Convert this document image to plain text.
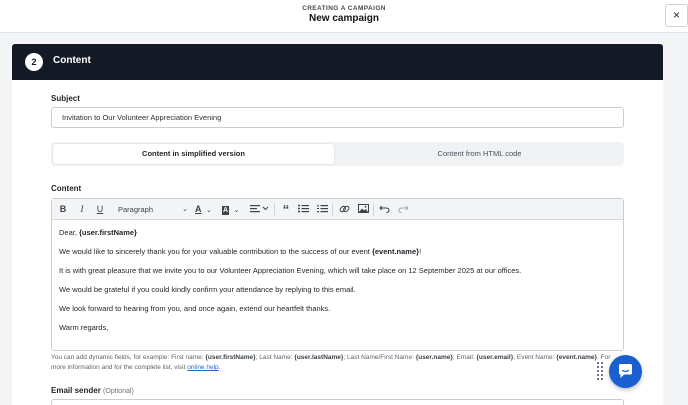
CREATING A CAMPAIGN
New campaign	×
2	Content
Subject
Invitation to Our Volunteer Appreciation Evening
Content in simplified version	Content from HTML code
Content
B	I	U	Paragraph	⌄ A ⌄	A ⌄	“

Dear, {user.firstName}

We would like to sincerely thank you for your valuable contribution to the success of our event {event.name}!

It is with great pleasure that we invite you to our Volunteer Appreciation Evening, which will take place on 12 September 2025 at our offices.

We would be grateful if you could kindly confirm your attendance by replying to this email.

We look forward to hearing from you, and once again, extend our heartfelt thanks.

Warm regards,

You can add dynamic fields, for example: First name: {user.firstName}; Last Name: {user.lastName}; Last Name/First Name: {user.name}; Email: {user.email}; Event Name: {event.name}. For more information and for the complete list, visit online help.
Email sender (Optional)
